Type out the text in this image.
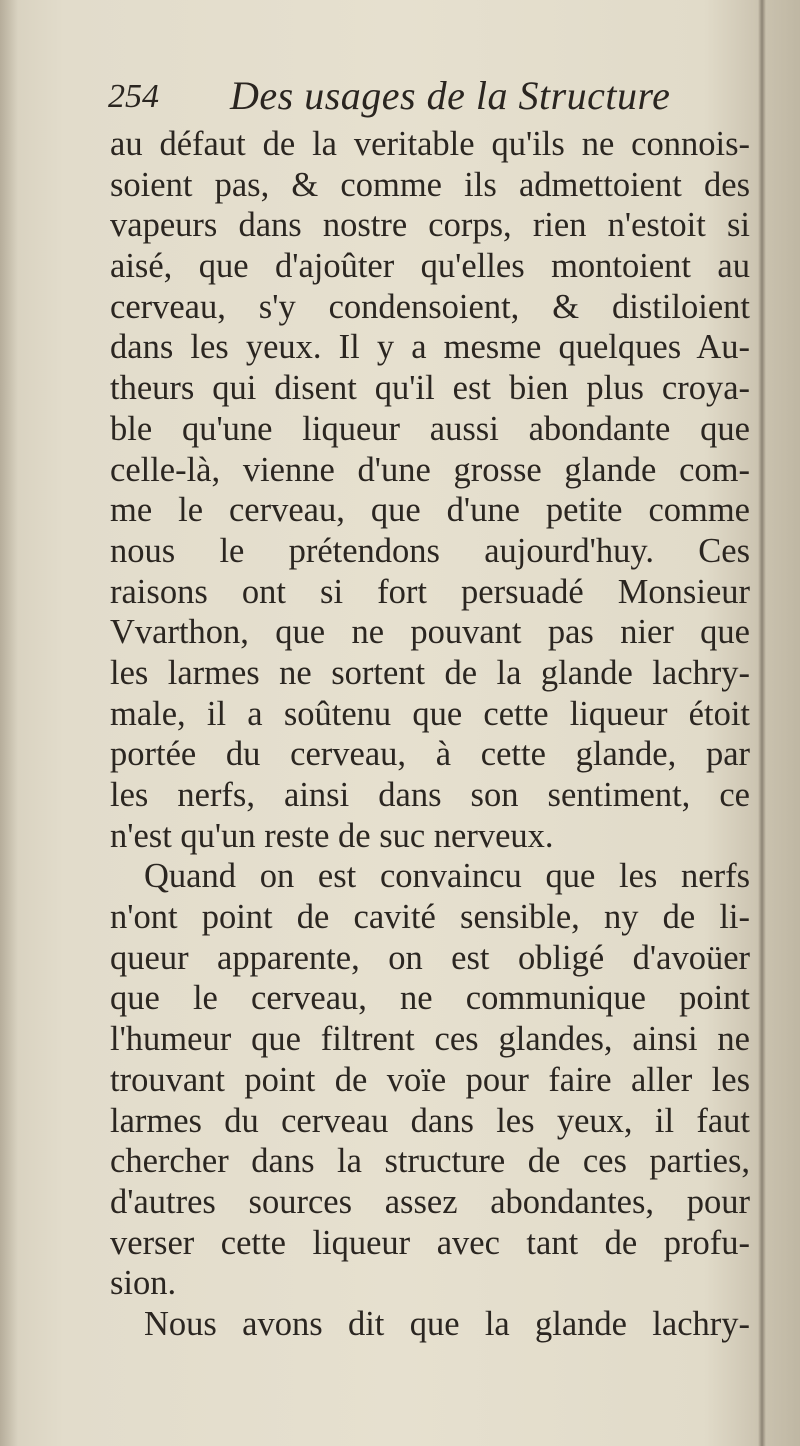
254 Des usages de la Structure
au défaut de la veritable qu'ils ne connois-
soient pas, & comme ils admettoient des
vapeurs dans nostre corps, rien n'estoit si
aisé, que d'ajoûter qu'elles montoient au
cerveau, s'y condensoient, & distiloient
dans les yeux. Il y a mesme quelques Au-
theurs qui disent qu'il est bien plus croya-
ble qu'une liqueur aussi abondante que
celle-là, vienne d'une grosse glande com-
me le cerveau, que d'une petite comme
nous le prétendons aujourd'huy. Ces
raisons ont si fort persuadé Monsieur
Vvarthon, que ne pouvant pas nier que
les larmes ne sortent de la glande lachry-
male, il a soûtenu que cette liqueur étoit
portée du cerveau, à cette glande, par
les nerfs, ainsi dans son sentiment, ce
n'est qu'un reste de suc nerveux.
Quand on est convaincu que les nerfs
n'ont point de cavité sensible, ny de li-
queur apparente, on est obligé d'avoüer
que le cerveau, ne communique point
l'humeur que filtrent ces glandes, ainsi ne
trouvant point de voïe pour faire aller les
larmes du cerveau dans les yeux, il faut
chercher dans la structure de ces parties,
d'autres sources assez abondantes, pour
verser cette liqueur avec tant de profu-
sion.
Nous avons dit que la glande lachry-
